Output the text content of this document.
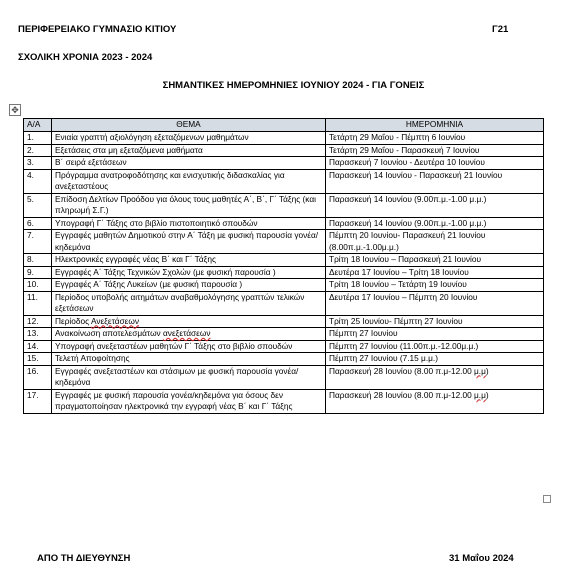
ΠΕΡΙΦΕΡΕΙΑΚΟ ΓΥΜΝΑΣΙΟ ΚΙΤΙΟΥ	Γ21
ΣΧΟΛΙΚΗ ΧΡΟΝΙΑ 2023 - 2024
ΣΗΜΑΝΤΙΚΕΣ ΗΜΕΡΟΜΗΝΙΕΣ ΙΟΥΝΙΟΥ 2024 - ΓΙΑ ΓΟΝΕΙΣ
✥
Α/Α	ΘΕΜΑ	ΗΜΕΡΟΜΗΝΙΑ
1.	Ενιαία γραπτή αξιολόγηση εξεταζόμενων μαθημάτων	Τετάρτη 29 Μαΐου - Πέμπτη 6 Ιουνίου
2.	Εξετάσεις στα μη εξεταζόμενα μαθήματα	Τετάρτη 29 Μαΐου - Παρασκευή 7 Ιουνίου
3.	Β΄ σειρά εξετάσεων	Παρασκευή 7 Ιουνίου - Δευτέρα 10 Ιουνίου
4.	Πρόγραμμα ανατροφοδότησης και ενισχυτικής διδασκαλίας για ανεξεταστέους	Παρασκευή 14 Ιουνίου - Παρασκευή 21 Ιουνίου
5.	Επίδοση Δελτίων Προόδου για όλους τους μαθητές Α΄, Β΄, Γ΄ Τάξης (και πληρωμή Σ.Γ.)	Παρασκευή 14 Ιουνίου (9.00π.μ.-1.00 μ.μ.)
6.	Υπογραφή Γ΄ Τάξης στο βιβλίο πιστοποιητικό σπουδών	Παρασκευή 14 Ιουνίου (9.00π.μ.-1.00 μ.μ.)
7.	Εγγραφές μαθητών Δημοτικού στην Α΄ Τάξη με φυσική παρουσία γονέα/κηδεμόνα	Πέμπτη 20 Ιουνίου- Παρασκευή 21 Ιουνίου (8.00π.μ.-1.00μ.μ.)
8.	Ηλεκτρονικές εγγραφές νέας Β΄ και Γ΄ Τάξης	Τρίτη 18 Ιουνίου – Παρασκευή 21 Ιουνίου
9.	Εγγραφές Α΄ Τάξης Τεχνικών Σχολών (με φυσική παρουσία )	Δευτέρα 17 Ιουνίου – Τρίτη 18 Ιουνίου
10.	Εγγραφές Α΄ Τάξης Λυκείων (με φυσική παρουσία )	Τρίτη 18 Ιουνίου – Τετάρτη 19 Ιουνίου
11.	Περίοδος υποβολής αιτημάτων αναβαθμολόγησης γραπτών τελικών εξετάσεων	Δευτέρα 17 Ιουνίου – Πέμπτη 20 Ιουνίου
12.	Περίοδος Ανεξετάσεων	Τρίτη 25 Ιουνίου- Πέμπτη 27 Ιουνίου
13.	Ανακοίνωση αποτελεσμάτων ανεξετάσεων	Πέμπτη 27 Ιουνίου
14.	Υπογραφή ανεξεταστέων μαθητών Γ΄ Τάξης στο βιβλίο σπουδών	Πέμπτη 27 Ιουνίου (11.00π.μ.-12.00μ.μ.)
15.	Τελετή Αποφοίτησης	Πέμπτη 27 Ιουνίου (7.15 μ.μ.)
16.	Εγγραφές ανεξεταστέων και στάσιμων με φυσική παρουσία γονέα/κηδεμόνα	Παρασκευή 28 Ιουνίου (8.00 π.μ-12.00 μ.μ)
17.	Εγγραφές με φυσική παρουσία γονέα/κηδεμόνα για όσους δεν πραγματοποίησαν ηλεκτρονικά την εγγραφή νέας Β΄ και Γ΄ Τάξης	Παρασκευή 28 Ιουνίου (8.00 π.μ-12.00 μ.μ)
ΑΠΟ ΤΗ ΔΙΕΥΘΥΝΣΗ	31 Μαΐου 2024
